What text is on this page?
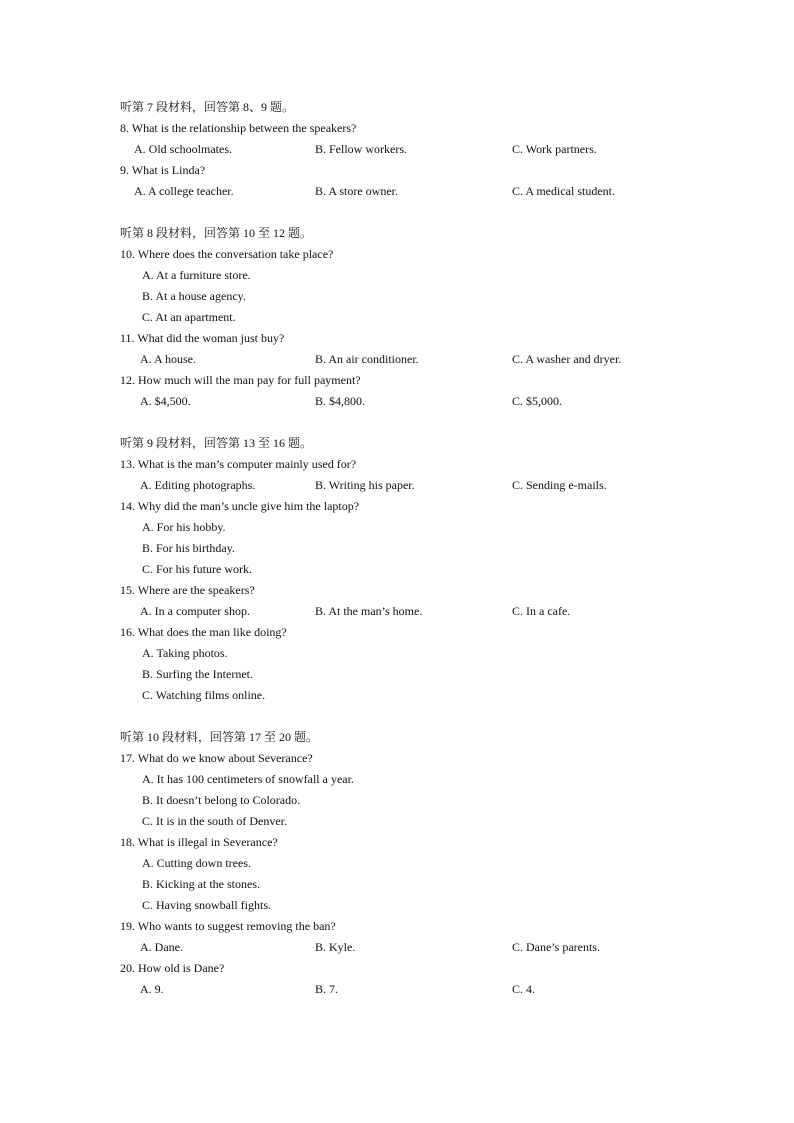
听第 7 段材料，回答第 8、9 题。
8. What is the relationship between the speakers?
A. Old schoolmates.	B. Fellow workers.	C. Work partners.
9. What is Linda?
A. A college teacher.	B. A store owner.	C. A medical student.
听第 8 段材料，回答第 10 至 12 题。
10. Where does the conversation take place?
A. At a furniture store.
B. At a house agency.
C. At an apartment.
11. What did the woman just buy?
A. A house.	B. An air conditioner.	C. A washer and dryer.
12. How much will the man pay for full payment?
A. $4,500.	B. $4,800.	C. $5,000.
听第 9 段材料，回答第 13 至 16 题。
13. What is the man’s computer mainly used for?
A. Editing photographs.	B. Writing his paper.	C. Sending e-mails.
14. Why did the man’s uncle give him the laptop?
A. For his hobby.
B. For his birthday.
C. For his future work.
15. Where are the speakers?
A. In a computer shop.	B. At the man’s home.	C. In a cafe.
16. What does the man like doing?
A. Taking photos.
B. Surfing the Internet.
C. Watching films online.
听第 10 段材料，回答第 17 至 20 题。
17. What do we know about Severance?
A. It has 100 centimeters of snowfall a year.
B. It doesn’t belong to Colorado.
C. It is in the south of Denver.
18. What is illegal in Severance?
A. Cutting down trees.
B. Kicking at the stones.
C. Having snowball fights.
19. Who wants to suggest removing the ban?
A. Dane.	B. Kyle.	C. Dane’s parents.
20. How old is Dane?
A. 9.	B. 7.	C. 4.
